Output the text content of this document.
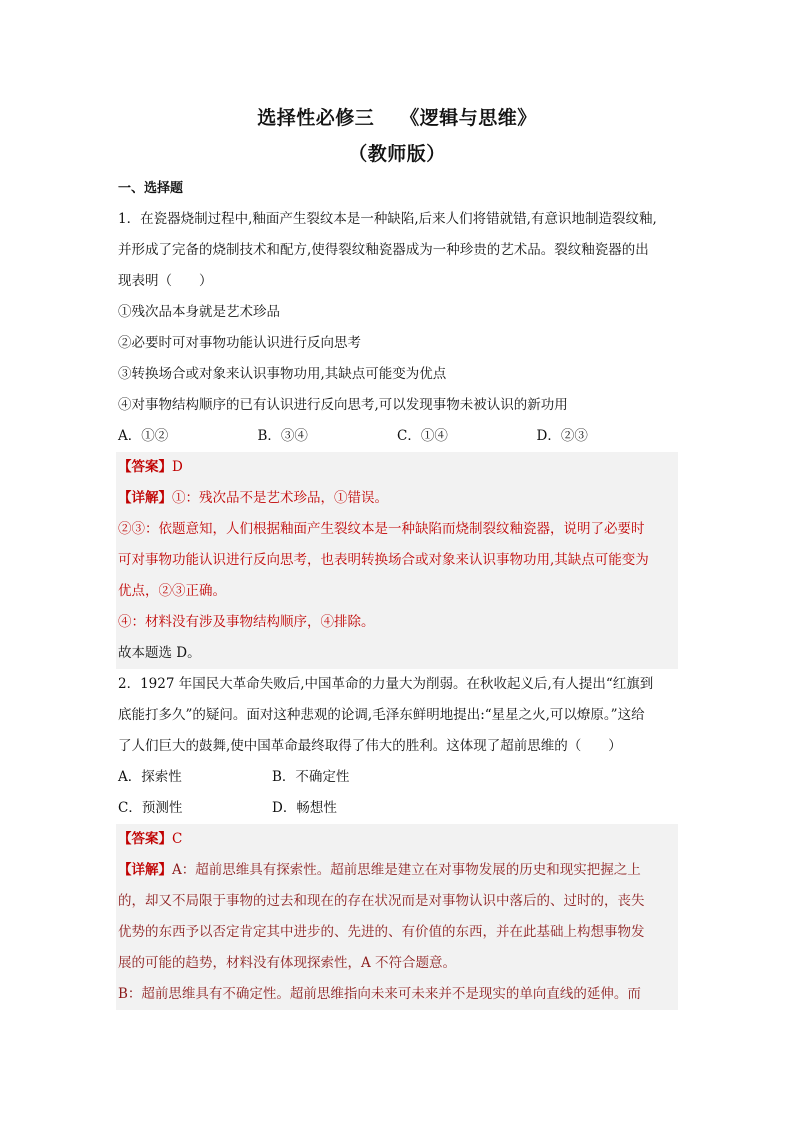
选择性必修三 《逻辑与思维》
（教师版）
一、选择题

1．在瓷器烧制过程中,釉面产生裂纹本是一种缺陷,后来人们将错就错,有意识地制造裂纹釉,

并形成了完备的烧制技术和配方,使得裂纹釉瓷器成为一种珍贵的艺术品。裂纹釉瓷器的出

现表明（　　）

①残次品本身就是艺术珍品

②必要时可对事物功能认识进行反向思考

③转换场合或对象来认识事物功用,其缺点可能变为优点

④对事物结构顺序的已有认识进行反向思考,可以发现事物未被认识的新功用

A．①②	B．③④	C．①④	D．②③

【答案】D

【详解】①：残次品不是艺术珍品，①错误。

②③：依题意知，人们根据釉面产生裂纹本是一种缺陷而烧制裂纹釉瓷器，说明了必要时

可对事物功能认识进行反向思考，也表明转换场合或对象来认识事物功用,其缺点可能变为

优点，②③正确。

④：材料没有涉及事物结构顺序，④排除。

故本题选 D。

2．1927 年国民大革命失败后,中国革命的力量大为削弱。在秋收起义后,有人提出“红旗到

底能打多久”的疑问。面对这种悲观的论调,毛泽东鲜明地提出:“星星之火,可以燎原。”这给

了人们巨大的鼓舞,使中国革命最终取得了伟大的胜利。这体现了超前思维的（　　）

A．探索性	B．不确定性
C．预测性	D．畅想性

【答案】C

【详解】A：超前思维具有探索性。超前思维是建立在对事物发展的历史和现实把握之上

的，却又不局限于事物的过去和现在的存在状况而是对事物认识中落后的、过时的，丧失

优势的东西予以否定肯定其中进步的、先进的、有价值的东西，并在此基础上构想事物发

展的可能的趋势，材料没有体现探索性，A 不符合题意。

B：超前思维具有不确定性。超前思维指向未来可未来并不是现实的单向直线的延伸。而
